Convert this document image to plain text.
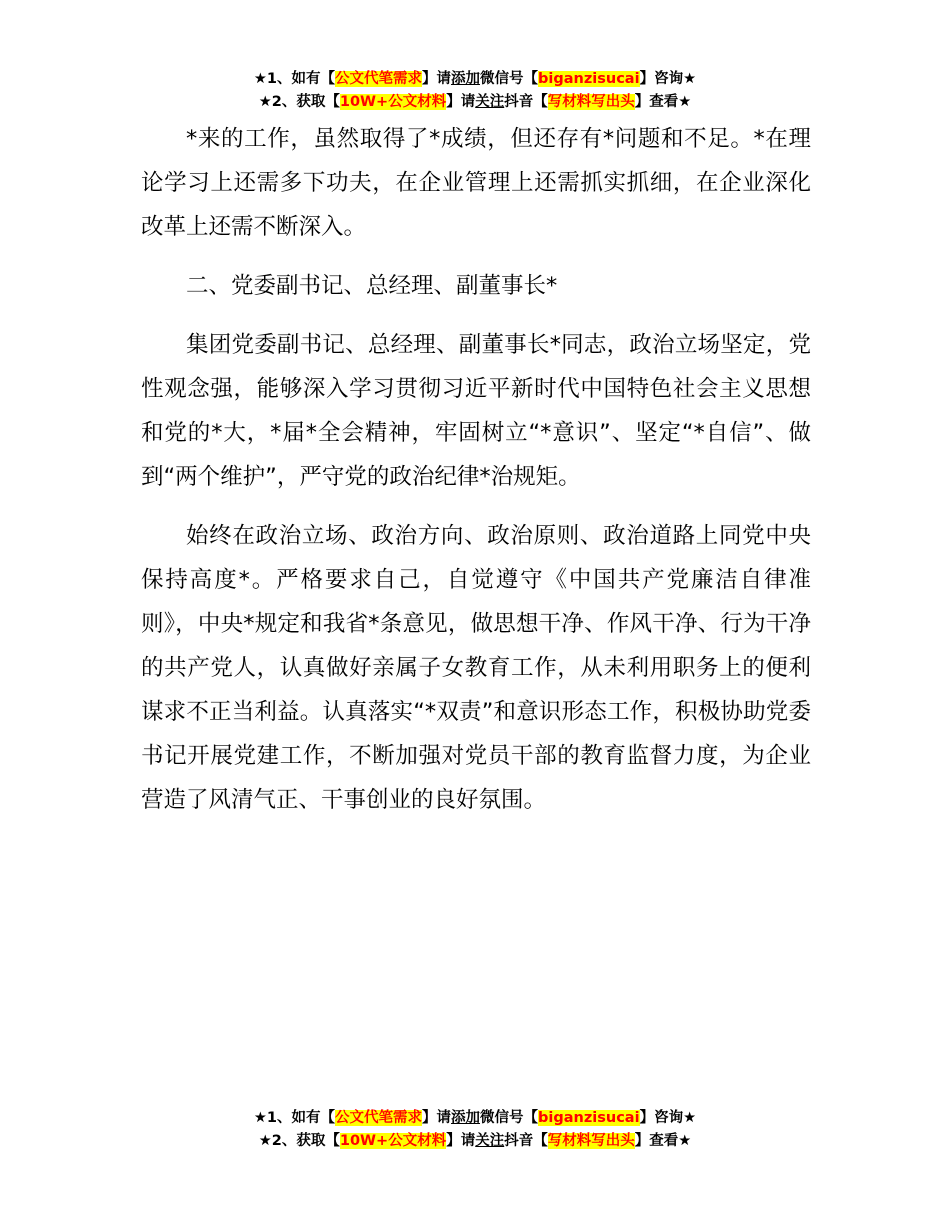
★1、如有【公文代笔需求】请添加微信号【biganzisucai】咨询★
★2、获取【10W+公文材料】请关注抖音【写材料写出头】查看★

*来的工作，虽然取得了*成绩，但还存有*问题和不足。*在理论学习上还需多下功夫，在企业管理上还需抓实抓细，在企业深化改革上还需不断深入。

二、党委副书记、总经理、副董事长*

集团党委副书记、总经理、副董事长*同志，政治立场坚定，党性观念强，能够深入学习贯彻习近平新时代中国特色社会主义思想和党的*大，*届*全会精神，牢固树立“*意识”、坚定“*自信”、做到“两个维护”，严守党的政治纪律*治规矩。

始终在政治立场、政治方向、政治原则、政治道路上同党中央保持高度*。严格要求自己，自觉遵守《中国共产党廉洁自律准则》，中央*规定和我省*条意见，做思想干净、作风干净、行为干净的共产党人，认真做好亲属子女教育工作，从未利用职务上的便利谋求不正当利益。认真落实“*双责”和意识形态工作，积极协助党委书记开展党建工作，不断加强对党员干部的教育监督力度，为企业营造了风清气正、干事创业的良好氛围。

★1、如有【公文代笔需求】请添加微信号【biganzisucai】咨询★
★2、获取【10W+公文材料】请关注抖音【写材料写出头】查看★
